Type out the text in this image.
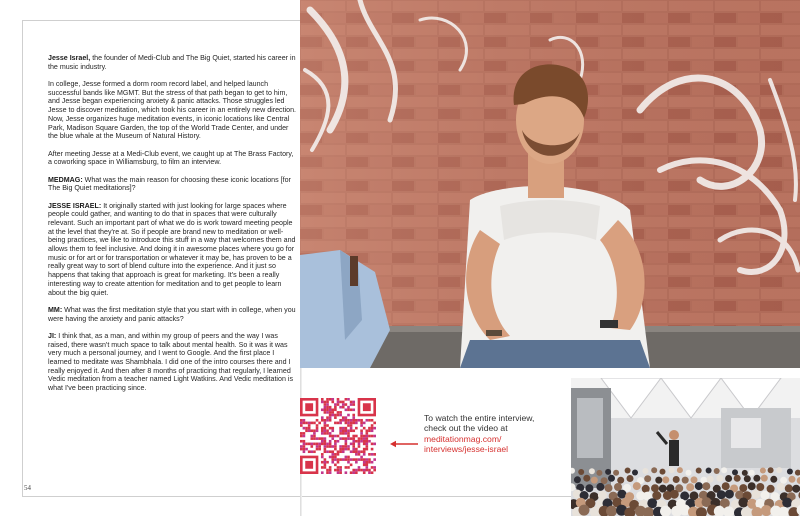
Jesse Israel, the founder of Medi-Club and The Big Quiet, started his career in the music industry.

In college, Jesse formed a dorm room record label, and helped launch successful bands like MGMT. But the stress of that path began to get to him, and Jesse began experiencing anxiety & panic attacks. Those struggles led Jesse to discover meditation, which took his career in an entirely new direction. Now, Jesse organizes huge meditation events, in iconic locations like Central Park, Madison Square Garden, the top of the World Trade Center, and under the blue whale at the Museum of Natural History.

After meeting Jesse at a Medi-Club event, we caught up at The Brass Factory, a coworking space in Williamsburg, to film an interview.

MEDMAG: What was the main reason for choosing these iconic locations [for The Big Quiet meditations]?

JESSE ISRAEL: It originally started with just looking for large spaces where people could gather, and wanting to do that in spaces that were culturally relevant. Such an important part of what we do is work toward meeting people at the level that they're at. So if people are brand new to meditation or well-being practices, we like to introduce this stuff in a way that welcomes them and allows them to feel inclusive. And doing it in awesome places where you go for music or for art or for transportation or whatever it may be, has proven to be a really great way to sort of blend culture into the experience. And it just so happens that taking that approach is great for marketing. It's been a really interesting way to create attention for meditation and to get people to learn about the big quiet.

MM: What was the first meditation style that you start with in college, when you were having the anxiety and panic attacks?

JI: I think that, as a man, and within my group of peers and the way I was raised, there wasn't much space to talk about mental health. So it was it was very much a personal journey, and I went to Google. And the first place I learned to meditate was Shambhala. I did one of the intro courses there and I really enjoyed it. And then after 8 months of practicing that regularly, I learned Vedic meditation from a teacher named Light Watkins. And Vedic meditation is what I've been practicing since.

54
To watch the entire interview,
check out the video at
meditationmag.com/
interviews/jesse-israel
